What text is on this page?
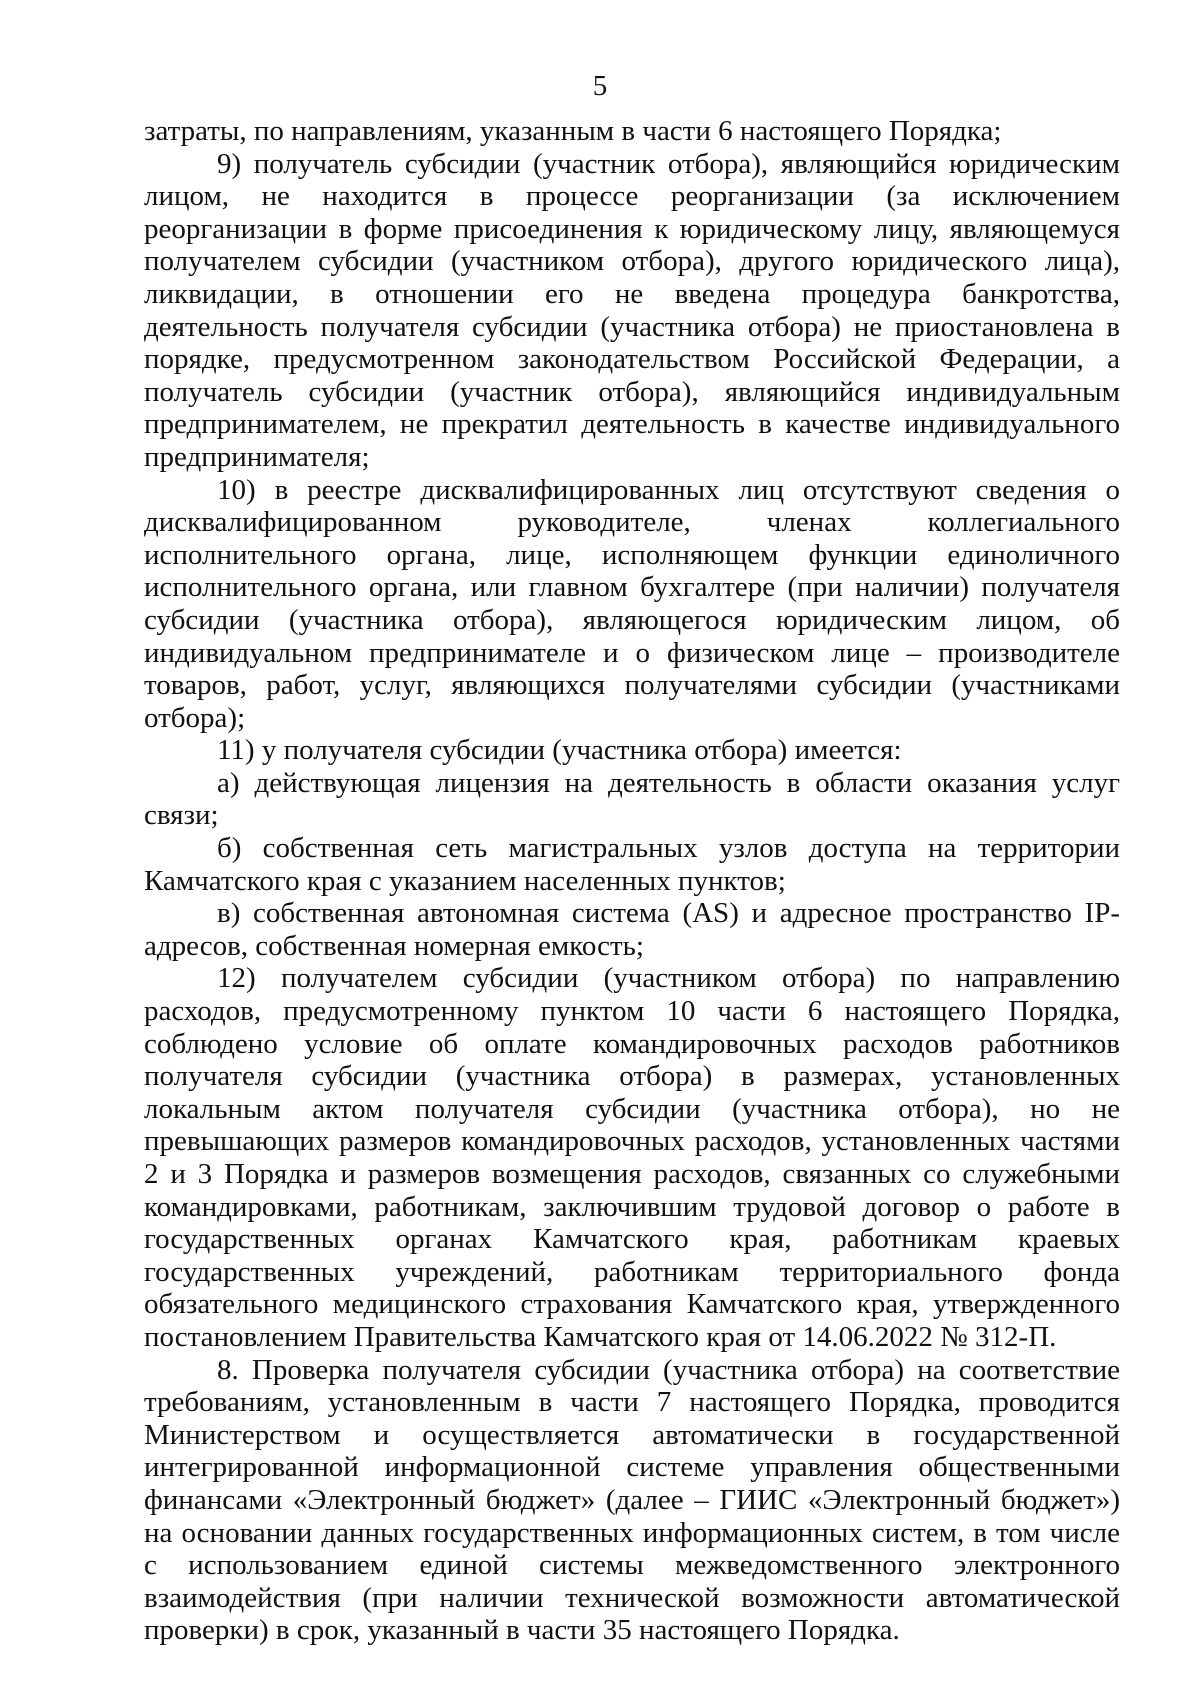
5

затраты, по направлениям, указанным в части 6 настоящего Порядка;

9) получатель субсидии (участник отбора), являющийся юридическим лицом, не находится в процессе реорганизации (за исключением реорганизации в форме присоединения к юридическому лицу, являющемуся получателем субсидии (участником отбора), другого юридического лица), ликвидации, в отношении его не введена процедура банкротства, деятельность получателя субсидии (участника отбора) не приостановлена в порядке, предусмотренном законодательством Российской Федерации, а получатель субсидии (участник отбора), являющийся индивидуальным предпринимателем, не прекратил деятельность в качестве индивидуального предпринимателя;

10) в реестре дисквалифицированных лиц отсутствуют сведения о дисквалифицированном руководителе, членах коллегиального исполнительного органа, лице, исполняющем функции единоличного исполнительного органа, или главном бухгалтере (при наличии) получателя субсидии (участника отбора), являющегося юридическим лицом, об индивидуальном предпринимателе и о физическом лице – производителе товаров, работ, услуг, являющихся получателями субсидии (участниками отбора);

11) у получателя субсидии (участника отбора) имеется:

а) действующая лицензия на деятельность в области оказания услуг связи;

б) собственная сеть магистральных узлов доступа на территории Камчатского края с указанием населенных пунктов;

в) собственная автономная система (AS) и адресное пространство IP-адресов, собственная номерная емкость;

12) получателем субсидии (участником отбора) по направлению расходов, предусмотренному пунктом 10 части 6 настоящего Порядка, соблюдено условие об оплате командировочных расходов работников получателя субсидии (участника отбора) в размерах, установленных локальным актом получателя субсидии (участника отбора), но не превышающих размеров командировочных расходов, установленных частями 2 и 3 Порядка и размеров возмещения расходов, связанных со служебными командировками, работникам, заключившим трудовой договор о работе в государственных органах Камчатского края, работникам краевых государственных учреждений, работникам территориального фонда обязательного медицинского страхования Камчатского края, утвержденного постановлением Правительства Камчатского края от 14.06.2022 № 312-П.

8. Проверка получателя субсидии (участника отбора) на соответствие требованиям, установленным в части 7 настоящего Порядка, проводится Министерством и осуществляется автоматически в государственной интегрированной информационной системе управления общественными финансами «Электронный бюджет» (далее – ГИИС «Электронный бюджет») на основании данных государственных информационных систем, в том числе с использованием единой системы межведомственного электронного взаимодействия (при наличии технической возможности автоматической проверки) в срок, указанный в части 35 настоящего Порядка.
